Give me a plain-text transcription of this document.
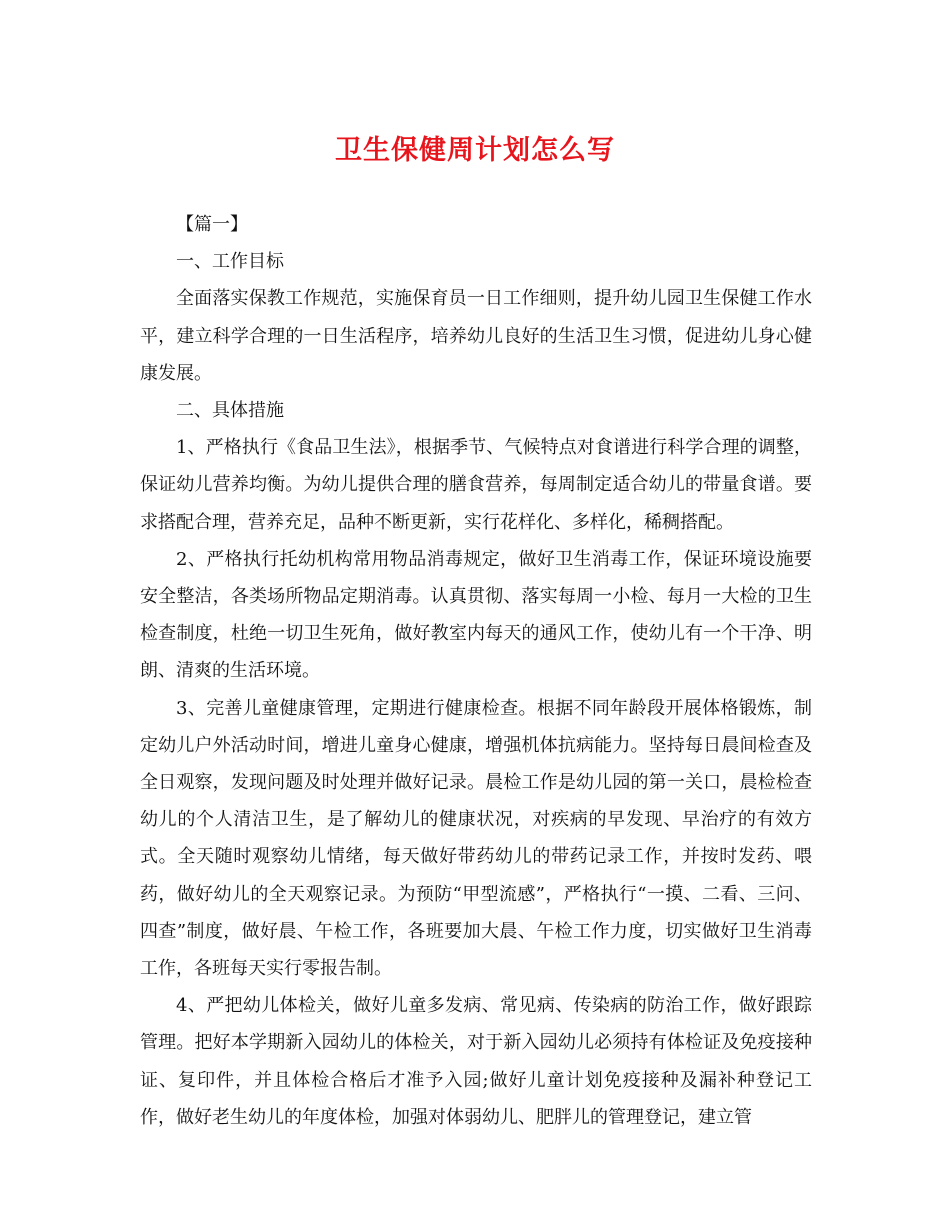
卫生保健周计划怎么写

【篇一】

一、工作目标

全面落实保教工作规范，实施保育员一日工作细则，提升幼儿园卫生保健工作水平，建立科学合理的一日生活程序，培养幼儿良好的生活卫生习惯，促进幼儿身心健康发展。

二、具体措施

1、严格执行《食品卫生法》，根据季节、气候特点对食谱进行科学合理的调整，保证幼儿营养均衡。为幼儿提供合理的膳食营养，每周制定适合幼儿的带量食谱。要求搭配合理，营养充足，品种不断更新，实行花样化、多样化，稀稠搭配。

2、严格执行托幼机构常用物品消毒规定，做好卫生消毒工作，保证环境设施要安全整洁，各类场所物品定期消毒。认真贯彻、落实每周一小检、每月一大检的卫生检查制度，杜绝一切卫生死角，做好教室内每天的通风工作，使幼儿有一个干净、明朗、清爽的生活环境。

3、完善儿童健康管理，定期进行健康检查。根据不同年龄段开展体格锻炼，制定幼儿户外活动时间，增进儿童身心健康，增强机体抗病能力。坚持每日晨间检查及全日观察，发现问题及时处理并做好记录。晨检工作是幼儿园的第一关口，晨检检查幼儿的个人清洁卫生，是了解幼儿的健康状况，对疾病的早发现、早治疗的有效方式。全天随时观察幼儿情绪，每天做好带药幼儿的带药记录工作，并按时发药、喂药，做好幼儿的全天观察记录。为预防“甲型流感”，严格执行“一摸、二看、三问、四查”制度，做好晨、午检工作，各班要加大晨、午检工作力度，切实做好卫生消毒工作，各班每天实行零报告制。

4、严把幼儿体检关，做好儿童多发病、常见病、传染病的防治工作，做好跟踪管理。把好本学期新入园幼儿的体检关，对于新入园幼儿必须持有体检证及免疫接种证、复印件，并且体检合格后才准予入园;做好儿童计划免疫接种及漏补种登记工作，做好老生幼儿的年度体检，加强对体弱幼儿、肥胖儿的管理登记，建立管
